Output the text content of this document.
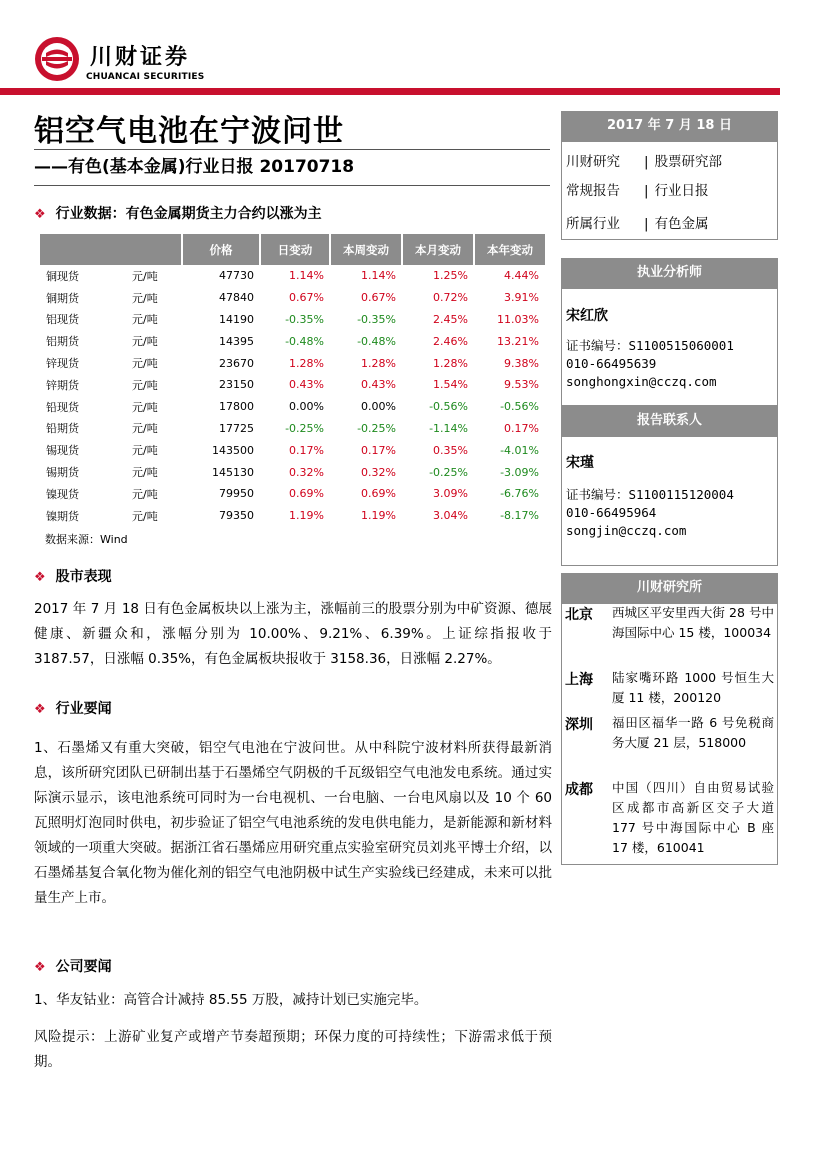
川财证券
CHUANCAI SECURITIES
铝空气电池在宁波问世
——有色(基本金属)行业日报 20170718
❖ 行业数据：有色金属期货主力合约以涨为主
		价格	日变动	本周变动	本月变动	本年变动
铜现货	元/吨	47730	1.14%	1.14%	1.25%	4.44%
铜期货	元/吨	47840	0.67%	0.67%	0.72%	3.91%
铝现货	元/吨	14190	-0.35%	-0.35%	2.45%	11.03%
铝期货	元/吨	14395	-0.48%	-0.48%	2.46%	13.21%
锌现货	元/吨	23670	1.28%	1.28%	1.28%	9.38%
锌期货	元/吨	23150	0.43%	0.43%	1.54%	9.53%
铅现货	元/吨	17800	0.00%	0.00%	-0.56%	-0.56%
铅期货	元/吨	17725	-0.25%	-0.25%	-1.14%	0.17%
锡现货	元/吨	143500	0.17%	0.17%	0.35%	-4.01%
锡期货	元/吨	145130	0.32%	0.32%	-0.25%	-3.09%
镍现货	元/吨	79950	0.69%	0.69%	3.09%	-6.76%
镍期货	元/吨	79350	1.19%	1.19%	3.04%	-8.17%
数据来源：Wind
❖ 股市表现
2017 年 7 月 18 日有色金属板块以上涨为主，涨幅前三的股票分别为中矿资源、德展健康、新疆众和，涨幅分别为 10.00%、9.21%、6.39%。上证综指报收于 3187.57，日涨幅 0.35%，有色金属板块报收于 3158.36，日涨幅 2.27%。
❖ 行业要闻
1、石墨烯又有重大突破，铝空气电池在宁波问世。从中科院宁波材料所获得最新消息，该所研究团队已研制出基于石墨烯空气阴极的千瓦级铝空气电池发电系统。通过实际演示显示，该电池系统可同时为一台电视机、一台电脑、一台电风扇以及 10 个 60 瓦照明灯泡同时供电，初步验证了铝空气电池系统的发电供电能力，是新能源和新材料领域的一项重大突破。据浙江省石墨烯应用研究重点实验室研究员刘兆平博士介绍，以石墨烯基复合氧化物为催化剂的铝空气电池阴极中试生产实验线已经建成，未来可以批量生产上市。
❖ 公司要闻
1、华友钴业：高管合计减持 85.55 万股，减持计划已实施完毕。
风险提示：上游矿业复产或增产节奏超预期；环保力度的可持续性；下游需求低于预期。
2017 年 7 月 18 日
川财研究 | 股票研究部
常规报告 | 行业日报
所属行业 | 有色金属
执业分析师
宋红欣
证书编号：S1100515060001
010-66495639
songhongxin@cczq.com
报告联系人
宋瑾
证书编号：S1100115120004
010-66495964
songjin@cczq.com
川财研究所
北京 西城区平安里西大街 28 号中海国际中心 15 楼，100034
上海 陆家嘴环路 1000 号恒生大厦 11 楼，200120
深圳 福田区福华一路 6 号免税商务大厦 21 层，518000
成都 中国（四川）自由贸易试验区成都市高新区交子大道 177 号中海国际中心 B 座 17 楼，610041
